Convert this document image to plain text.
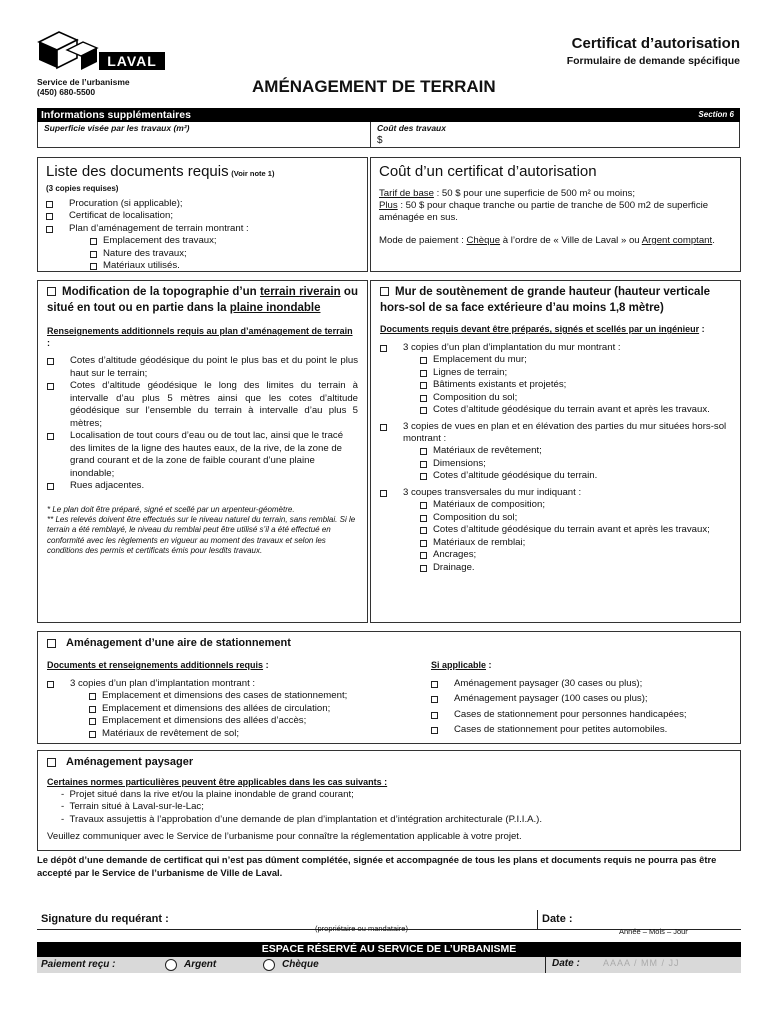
LAVAL
Service de l’urbanisme
(450) 680-5500
Certificat d’autorisation
Formulaire de demande spécifique
AMÉNAGEMENT DE TERRAIN
Informations supplémentaires	Section 6
Superficie visée par les travaux (m²)	Coût des travaux
$
Liste des documents requis (Voir note 1)
(3 copies requises)
Procuration (si applicable);
Certificat de localisation;
Plan d’aménagement de terrain montrant :
Emplacement des travaux;
Nature des travaux;
Matériaux utilisés.
Coût d’un certificat d’autorisation
Tarif de base : 50 $ pour une superficie de 500 m² ou moins;
Plus : 50 $ pour chaque tranche ou partie de tranche de 500 m2 de superficie aménagée en sus.
Mode de paiement : Chèque à l’ordre de « Ville de Laval » ou Argent comptant.
Modification de la topographie d’un terrain riverain ou situé en tout ou en partie dans la plaine inondable
Renseignements additionnels requis au plan d’aménagement de terrain :
Cotes d’altitude géodésique du point le plus bas et du point le plus haut sur le terrain;
Cotes d’altitude géodésique le long des limites du terrain à intervalle d’au plus 5 mètres ainsi que les cotes d’altitude géodésique sur l’ensemble du terrain à intervalle d’au plus 5 mètres;
Localisation de tout cours d’eau ou de tout lac, ainsi que le tracé des limites de la ligne des hautes eaux, de la rive, de la zone de grand courant et de la zone de faible courant d’une plaine inondable;
Rues adjacentes.
* Le plan doit être préparé, signé et scellé par un arpenteur-géomètre.
** Les relevés doivent être effectués sur le niveau naturel du terrain, sans remblai. Si le terrain a été remblayé, le niveau du remblai peut être utilisé s’il a été effectué en conformité avec les règlements en vigueur au moment des travaux et selon les conditions des permis et certificats émis pour lesdits travaux.
Mur de soutènement de grande hauteur (hauteur verticale hors-sol de sa face extérieure d’au moins 1,8 mètre)
Documents requis devant être préparés, signés et scellés par un ingénieur :
3 copies d’un plan d’implantation du mur montrant :
Emplacement du mur;
Lignes de terrain;
Bâtiments existants et projetés;
Composition du sol;
Cotes d’altitude géodésique du terrain avant et après les travaux.
3 copies de vues en plan et en élévation des parties du mur situées hors-sol montrant :
Matériaux de revêtement;
Dimensions;
Cotes d’altitude géodésique du terrain.
3 coupes transversales du mur indiquant :
Matériaux de composition;
Composition du sol;
Cotes d’altitude géodésique du terrain avant et après les travaux;
Matériaux de remblai;
Ancrages;
Drainage.
Aménagement d’une aire de stationnement
Documents et renseignements additionnels requis :	Si applicable :
3 copies d’un plan d’implantation montrant :
Emplacement et dimensions des cases de stationnement;
Emplacement et dimensions des allées de circulation;
Emplacement et dimensions des allées d’accès;
Matériaux de revêtement de sol;
Aménagement paysager (30 cases ou plus);
Aménagement paysager (100 cases ou plus);
Cases de stationnement pour personnes handicapées;
Cases de stationnement pour petites automobiles.
Aménagement paysager
Certaines normes particulières peuvent être applicables dans les cas suivants :
-  Projet situé dans la rive et/ou la plaine inondable de grand courant;
-  Terrain situé à Laval-sur-le-Lac;
-  Travaux assujettis à l’approbation d’une demande de plan d’implantation et d’intégration architecturale (P.I.I.A.).
Veuillez communiquer avec le Service de l’urbanisme pour connaître la réglementation applicable à votre projet.
Le dépôt d’une demande de certificat qui n’est pas dûment complétée, signée et accompagnée de tous les plans et documents requis ne pourra pas être accepté par le Service de l’urbanisme de Ville de Laval.
Signature du requérant :	Date :
(propriétaire ou mandataire)	Année – Mois – Jour
ESPACE RÉSERVÉ AU SERVICE DE L’URBANISME
Paiement reçu :	Argent	Chèque	Date :	AAAA / MM / JJ
